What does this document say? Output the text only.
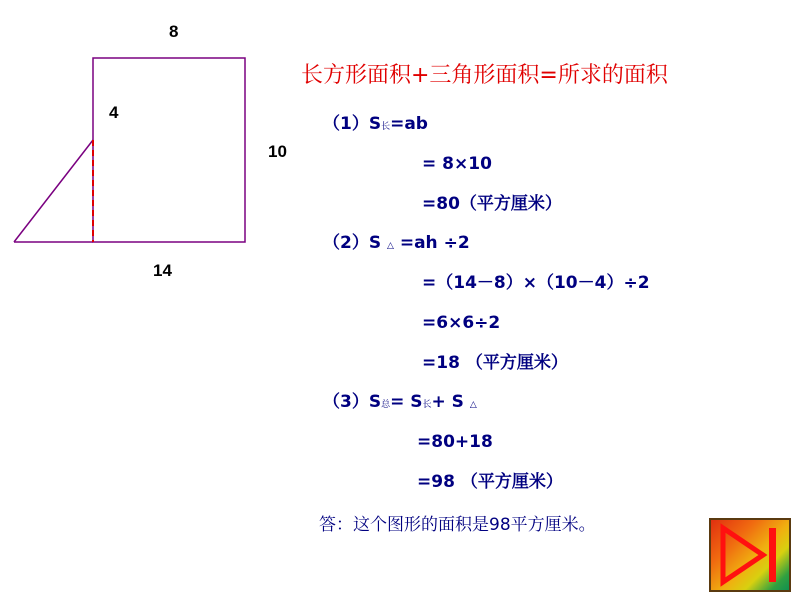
8
4
10
14
长方形面积+三角形面积=所求的面积
（1）S长=ab
= 8×10
=80（平方厘米）
（2）S △ =ah ÷2
=（14－8）×（10－4）÷2
=6×6÷2
=18 （平方厘米）
（3）S总= S长+ S △
=80+18
=98 （平方厘米）
答：这个图形的面积是98平方厘米。
